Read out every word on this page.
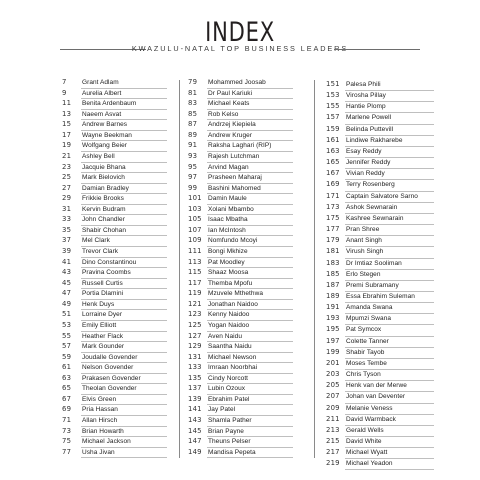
INDEX
KWAZULU-NATAL TOP BUSINESS LEADERS
7	Grant Adlam
9	Aurelia Albert
11	Benita Ardenbaum
13	Naeem Asvat
15	Andrew Barnes
17	Wayne Beekman
19	Wolfgang Beier
21	Ashley Bell
23	Jacquie Bhana
25	Mark Bielovich
27	Damian Bradley
29	Frikkie Brooks
31	Kervin Budram
33	John Chandler
35	Shabir Chohan
37	Mel Clark
39	Trevor Clark
41	Dino Constantinou
43	Pravina Coombs
45	Russell Curtis
47	Portia Dlamini
49	Henk Duys
51	Lorraine Dyer
53	Emily Elliott
55	Heather Flack
57	Mark Gounder
59	Joudalle Govender
61	Nelson Govender
63	Prakasen Govender
65	Theolan Govender
67	Elvis Green
69	Pria Hassan
71	Allan Hirsch
73	Brian Howarth
75	Michael Jackson
77	Usha Jivan
79	Mohammed Joosab
81	Dr Paul Kariuki
83	Michael Keats
85	Rob Kelso
87	Andrzej Kiepiela
89	Andrew Kruger
91	Raksha Laghari (RIP)
93	Rajesh Lutchman
95	Arvind Magan
97	Prasheen Maharaj
99	Bashini Mahomed
101 Damin Maule
103 Xolani Mbambo
105 Isaac Mbatha
107 Ian McIntosh
109 Nomfundo Mcoyi
111 Bongi Mkhize
113 Pat Moodley
115 Shaaz Moosa
117 Themba Mpofu
119 Mzuvele Mthethwa
121 Jonathan Naidoo
123 Kenny Naidoo
125 Yogan Naidoo
127 Aven Naidu
129 Saantha Naidu
131 Michael Newson
133 Imraan Noorbhai
135 Cindy Norcott
137 Lubin Ozoux
139 Ebrahim Patel
141 Jay Patel
143 Shamla Pather
145 Brian Payne
147 Theuns Pelser
149 Mandisa Pepeta
151 Palesa Phili
153 Virosha Pillay
155 Hantie Plomp
157 Marlene Powell
159 Belinda Puttevill
161 Lindiwe Rakharebe
163 Esay Reddy
165 Jennifer Reddy
167 Vivian Reddy
169 Terry Rosenberg
171 Captain Salvatore Sarno
173 Ashok Sewnarain
175 Kashree Sewnarain
177 Pran Shree
179 Anant Singh
181 Virush Singh
183 Dr Imtiaz Sooliman
185 Erlo Stegen
187 Premi Subramany
189 Essa Ebrahim Suleman
191 Amanda Swana
193 Mpumzi Swana
195 Pat Symcox
197 Colette Tanner
199 Shabir Tayob
201 Moses Tembe
203 Chris Tyson
205 Henk van der Merwe
207 Johan van Deventer
209 Melanie Veness
211 David Warmback
213 Gerald Wells
215 David White
217 Michael Wyatt
219 Michael Yeadon
